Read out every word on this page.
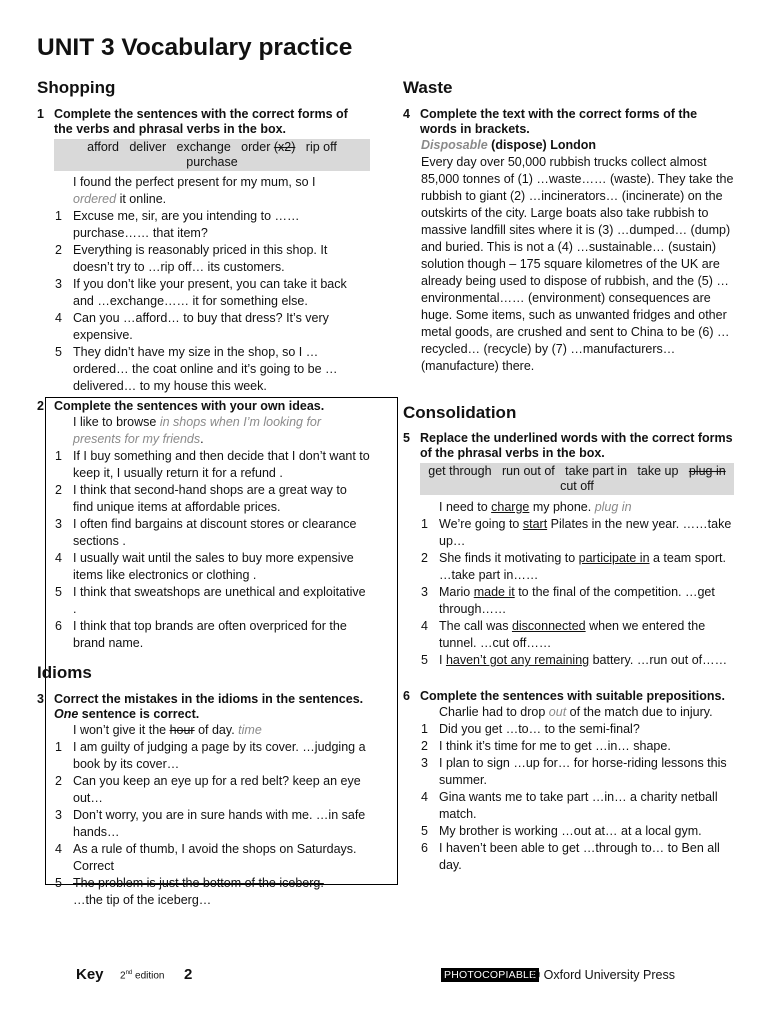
UNIT 3 Vocabulary practice
Shopping
1 Complete the sentences with the correct forms of the verbs and phrasal verbs in the box.
afford   deliver   exchange   order (x2)   rip off
purchase
I found the perfect present for my mum, so I
ordered it online.
1 Excuse me, sir, are you intending to ……purchase…… that item?
2 Everything is reasonably priced in this shop. It doesn’t try to …rip off… its customers.
3 If you don’t like your present, you can take it back and …exchange…… it for something else.
4 Can you …afford… to buy that dress? It’s very expensive.
5 They didn’t have my size in the shop, so I …ordered… the coat online and it’s going to be …delivered… to my house this week.
2 Complete the sentences with your own ideas.
I like to browse in shops when I’m looking for presents for my friends.
1 If I buy something and then decide that I don’t want to keep it, I usually return it for a refund .
2 I think that second-hand shops are a great way to find unique items at affordable prices.
3 I often find bargains at discount stores or clearance sections .
4 I usually wait until the sales to buy more expensive items like electronics or clothing .
5 I think that sweatshops are unethical and exploitative .
6 I think that top brands are often overpriced for the brand name.
Idioms
3 Correct the mistakes in the idioms in the sentences. One sentence is correct.
I won’t give it the hour of day. time
1 I am guilty of judging a page by its cover. …judging a book by its cover…
2 Can you keep an eye up for a red belt? keep an eye out…
3 Don’t worry, you are in sure hands with me. …in safe hands…
4 As a rule of thumb, I avoid the shops on Saturdays. Correct
5 The problem is just the bottom of the iceberg.
…the tip of the iceberg…
Waste
4 Complete the text with the correct forms of the words in brackets.
Disposable (dispose) London
Every day over 50,000 rubbish trucks collect almost 85,000 tonnes of (1) …waste…… (waste). They take the rubbish to giant (2) …incinerators… (incinerate) on the outskirts of the city. Large boats also take rubbish to massive landfill sites where it is (3) …dumped… (dump) and buried. This is not a (4) …sustainable… (sustain) solution though – 175 square kilometres of the UK are already being used to dispose of rubbish, and the (5) …environmental…… (environment) consequences are huge. Some items, such as unwanted fridges and other metal goods, are crushed and sent to China to be (6) …recycled… (recycle) by (7) …manufacturers… (manufacture) there.
Consolidation
5 Replace the underlined words with the correct forms of the phrasal verbs in the box.
get through   run out of   take part in   take up   plug in
cut off
I need to charge my phone. plug in
1 We’re going to start Pilates in the new year. ……take up…
2 She finds it motivating to participate in a team sport. …take part in……
3 Mario made it to the final of the competition. …get through……
4 The call was disconnected when we entered the tunnel. …cut off……
5 I haven’t got any remaining battery. …run out of……
6 Complete the sentences with suitable prepositions.
Charlie had to drop out of the match due to injury.
1 Did you get …to… to the semi-final?
2 I think it’s time for me to get …in… shape.
3 I plan to sign …up for… for horse-riding lessons this summer.
4 Gina wants me to take part …in… a charity netball match.
5 My brother is working …out at… at a local gym.
6 I haven’t been able to get …through to… to Ben all day.
Key 2nd edition 2	PHOTOCOPIABLE
© Oxford University Press
